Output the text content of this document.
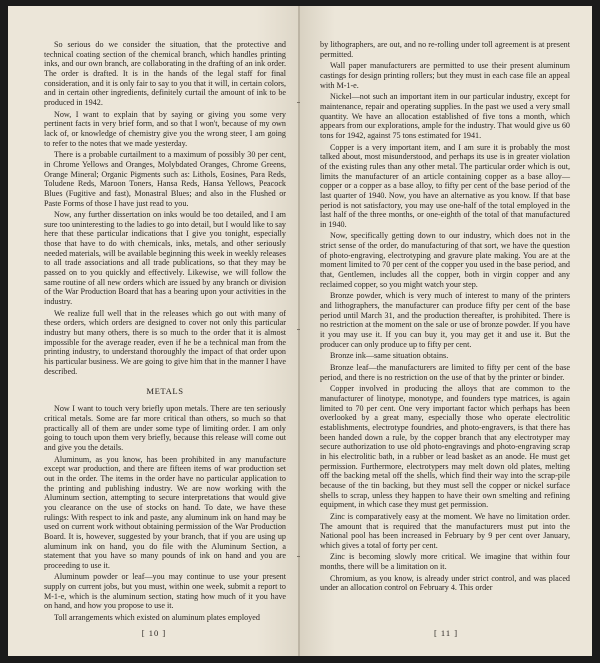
So serious do we consider the situation, that the protective and technical coating section of the chemical branch, which handles printing inks, and our own branch, are collaborating in the drafting of an ink order. The order is drafted. It is in the hands of the legal staff for final consideration, and it is only fair to say to you that it will, in certain colors, and in certain other ingredients, definitely curtail the amount of ink to be produced in 1942.

Now, I want to explain that by saying or giving you some very pertinent facts in very brief form, and so that I won't, because of my own lack of, or knowledge of chemistry give you the wrong steer, I am going to refer to the notes that we made yesterday.

There is a probable curtailment to a maximum of possibly 30 per cent, in Chrome Yellows and Oranges, Molybdated Oranges, Chrome Greens, Orange Mineral; Organic Pigments such as: Lithols, Eosines, Para Reds, Toludene Reds, Maroon Toners, Hansa Reds, Hansa Yellows, Peacock Blues (Fugitive and fast), Monastral Blues; and also in the Flushed or Paste Forms of those I have just read to you.

Now, any further dissertation on inks would be too detailed, and I am sure too uninteresting to the ladies to go into detail, but I would like to say here that these particular indications that I give you tonight, especially those that have to do with chemicals, inks, metals, and other seriously needed materials, will be available beginning this week in weekly releases to all trade associations and all trade publications, so that they may be passed on to you quickly and effectively. Likewise, we will follow the same routine of all new orders which are issued by any branch or division of the War Production Board that has a bearing upon your activities in the industry.

We realize full well that in the releases which go out with many of these orders, which orders are designed to cover not only this particular industry but many others, there is so much to the order that it is almost impossible for the average reader, even if he be a technical man from the printing industry, to understand thoroughly the impact of that order upon his particular business. We are going to give him that in the manner I have described.

METALS

Now I want to touch very briefly upon metals. There are ten seriously critical metals. Some are far more critical than others, so much so that practically all of them are under some type of limiting order. I am only going to touch upon them very briefly, because this release will come out and give you the details.

Aluminum, as you know, has been prohibited in any manufacture except war production, and there are fifteen items of war production set out in the order. The items in the order have no particular application to the printing and publishing industry. We are now working with the Aluminum section, attempting to secure interpretations that would give you clearance on the use of stocks on hand. To date, we have these rulings: With respect to ink and paste, any aluminum ink on hand may be used on current work without obtaining permission of the War Production Board. It is, however, suggested by your branch, that if you are using up aluminum ink on hand, you do file with the Aluminum Section, a statement that you have so many pounds of ink on hand and you are proceeding to use it.

Aluminum powder or leaf—you may continue to use your present supply on current jobs, but you must, within one week, submit a report to M-1-e, which is the aluminum section, stating how much of it you have on hand, and how you propose to use it.

Toll arrangements which existed on aluminum plates employed

[ 10 ]

by lithographers, are out, and no re-rolling under toll agreement is at present permitted.

Wall paper manufacturers are permitted to use their present aluminum castings for design printing rollers; but they must in each case file an appeal with M-1-e.

Nickel—not such an important item in our particular industry, except for maintenance, repair and operating supplies. In the past we used a very small quantity. We have an allocation established of five tons a month, which appears from our explorations, ample for the industry. That would give us 60 tons for 1942, against 75 tons estimated for 1941.

Copper is a very important item, and I am sure it is probably the most talked about, most misunderstood, and perhaps its use is in greater violation of the existing rules than any other metal. The particular order which is out, limits the manufacturer of an article containing copper as a base alloy—copper or a copper as a base alloy, to fifty per cent of the base period of the last quarter of 1940. Now, you have an alternative as you know. If that base period is not satisfactory, you may use one-half of the total employed in the last half of the three months, or one-eighth of the total of that manufactured in 1940.

Now, specifically getting down to our industry, which does not in the strict sense of the order, do manufacturing of that sort, we have the question of photo-engraving, electrotyping and gravure plate making. You are at the moment limited to 70 per cent of the copper you used in the base period, and that, Gentlemen, includes all the copper, both in virgin copper and any reclaimed copper, so you might watch your step.

Bronze powder, which is very much of interest to many of the printers and lithographers, the manufacturer can produce fifty per cent of the base period until March 31, and the production thereafter, is prohibited. There is no restriction at the moment on the sale or use of bronze powder. If you have it you may use it. If you can buy it, you may get it and use it. But the producer can only produce up to fifty per cent.

Bronze ink—same situation obtains.

Bronze leaf—the manufacturers are limited to fifty per cent of the base period, and there is no restriction on the use of that by the printer or binder.

Copper involved in producing the alloys that are common to the manufacturer of linotype, monotype, and founders type matrices, is again limited to 70 per cent. One very important factor which perhaps has been overlooked by a great many, especially those who operate electrolitic establishments, electrotype foundries, and photo-engravers, is that there has been handed down a rule, by the copper branch that any electrotyper may secure authorization to use old photo-engravings and photo-engraving scrap in his electrolitic bath, in a rubber or lead basket as an anode. He must get permission. Furthermore, electrotypers may melt down old plates, melting off the backing metal off the shells, which find their way into the scrap-pile because of the tin backing, but they must sell the copper or nickel surface shells to scrap, unless they happen to have their own smelting and refining equipment, in which case they must get permission.

Zinc is comparatively easy at the moment. We have no limitation order. The amount that is required that the manufacturers must put into the National pool has been increased in February by 9 per cent over January, which gives a total of forty per cent.

Zinc is becoming slowly more critical. We imagine that within four months, there will be a limitation on it.

Chromium, as you know, is already under strict control, and was placed under an allocation control on February 4. This order

[ 11 ]
